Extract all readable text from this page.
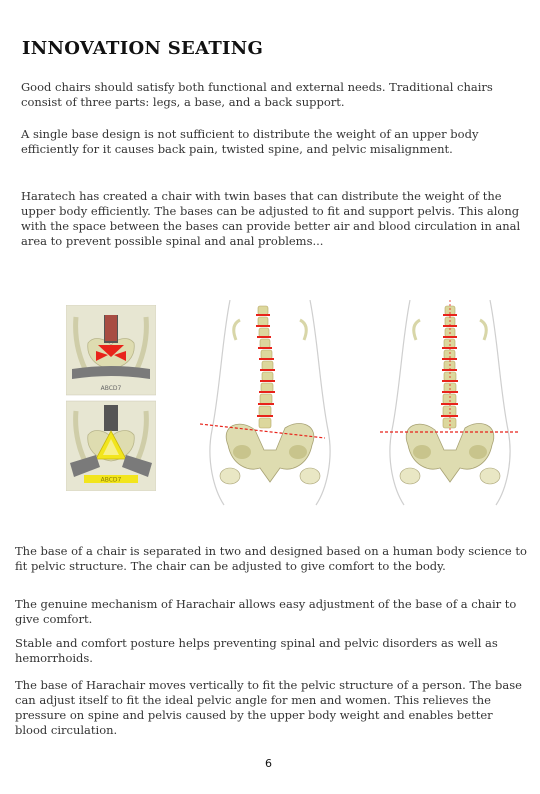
INNOVATION SEATING

Good chairs should satisfy both functional and external needs. Traditional chairs consist of three parts: legs, a base, and a back support.

A single base design is not sufficient to distribute the weight of an upper body efficiently for it causes back pain, twisted spine, and pelvic misalignment.

Haratech has created a chair with twin bases that can distribute the weight of the upper body efficiently. The bases can be adjusted to fit and support pelvis. This along with the space between the bases can provide better air and blood circulation in anal area to prevent possible spinal and anal problems...

ABCD7
ABCD7

The base of a chair is separated in two and designed based on a human body science to fit pelvic structure. The chair can be adjusted to give comfort to the body.

The genuine mechanism of Harachair allows easy adjustment of the base of a chair to give comfort.

Stable and comfort posture helps preventing spinal and pelvic disorders as well as hemorrhoids.

The base of Harachair moves vertically to fit the pelvic structure of a person. The base can adjust itself to fit the ideal pelvic angle for men and women. This relieves the pressure on spine and pelvis caused by the upper body weight and enables better blood circulation.

6
